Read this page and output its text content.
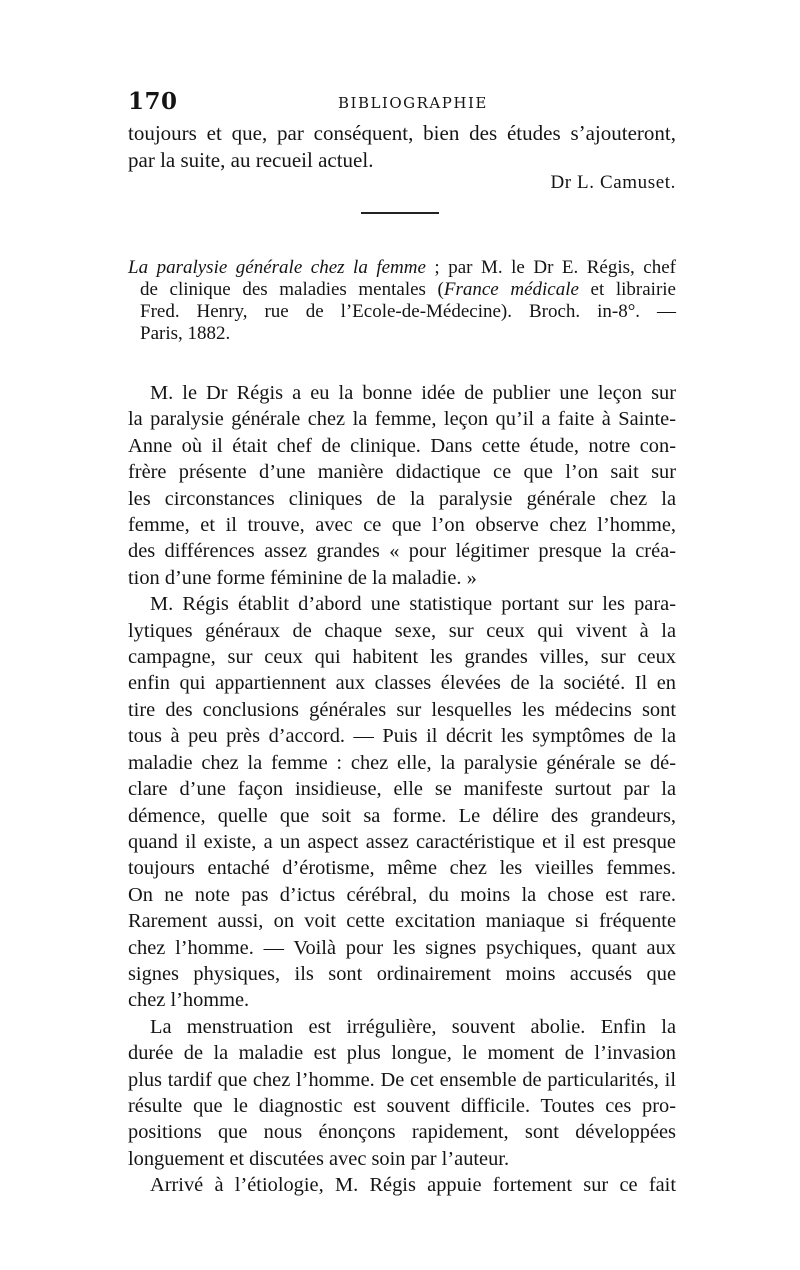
170	BIBLIOGRAPHIE
toujours et que, par conséquent, bien des études s’ajouteront,
par la suite, au recueil actuel.
Dr L. Camuset.
La paralysie générale chez la femme ; par M. le Dr E. Régis, chef
de clinique des maladies mentales (France médicale et librairie
Fred. Henry, rue de l’Ecole-de-Médecine). Broch. in-8°. —
Paris, 1882.
M. le Dr Régis a eu la bonne idée de publier une leçon sur
la paralysie générale chez la femme, leçon qu’il a faite à Sainte-
Anne où il était chef de clinique. Dans cette étude, notre con-
frère présente d’une manière didactique ce que l’on sait sur
les circonstances cliniques de la paralysie générale chez la
femme, et il trouve, avec ce que l’on observe chez l’homme,
des différences assez grandes « pour légitimer presque la créa-
tion d’une forme féminine de la maladie. »
M. Régis établit d’abord une statistique portant sur les para-
lytiques généraux de chaque sexe, sur ceux qui vivent à la
campagne, sur ceux qui habitent les grandes villes, sur ceux
enfin qui appartiennent aux classes élevées de la société. Il en
tire des conclusions générales sur lesquelles les médecins sont
tous à peu près d’accord. — Puis il décrit les symptômes de la
maladie chez la femme : chez elle, la paralysie générale se dé-
clare d’une façon insidieuse, elle se manifeste surtout par la
démence, quelle que soit sa forme. Le délire des grandeurs,
quand il existe, a un aspect assez caractéristique et il est presque
toujours entaché d’érotisme, même chez les vieilles femmes.
On ne note pas d’ictus cérébral, du moins la chose est rare.
Rarement aussi, on voit cette excitation maniaque si fréquente
chez l’homme. — Voilà pour les signes psychiques, quant aux
signes physiques, ils sont ordinairement moins accusés que
chez l’homme.
La menstruation est irrégulière, souvent abolie. Enfin la
durée de la maladie est plus longue, le moment de l’invasion
plus tardif que chez l’homme. De cet ensemble de particularités, il
résulte que le diagnostic est souvent difficile. Toutes ces pro-
positions que nous énonçons rapidement, sont développées
longuement et discutées avec soin par l’auteur.
Arrivé à l’étiologie, M. Régis appuie fortement sur ce fait
